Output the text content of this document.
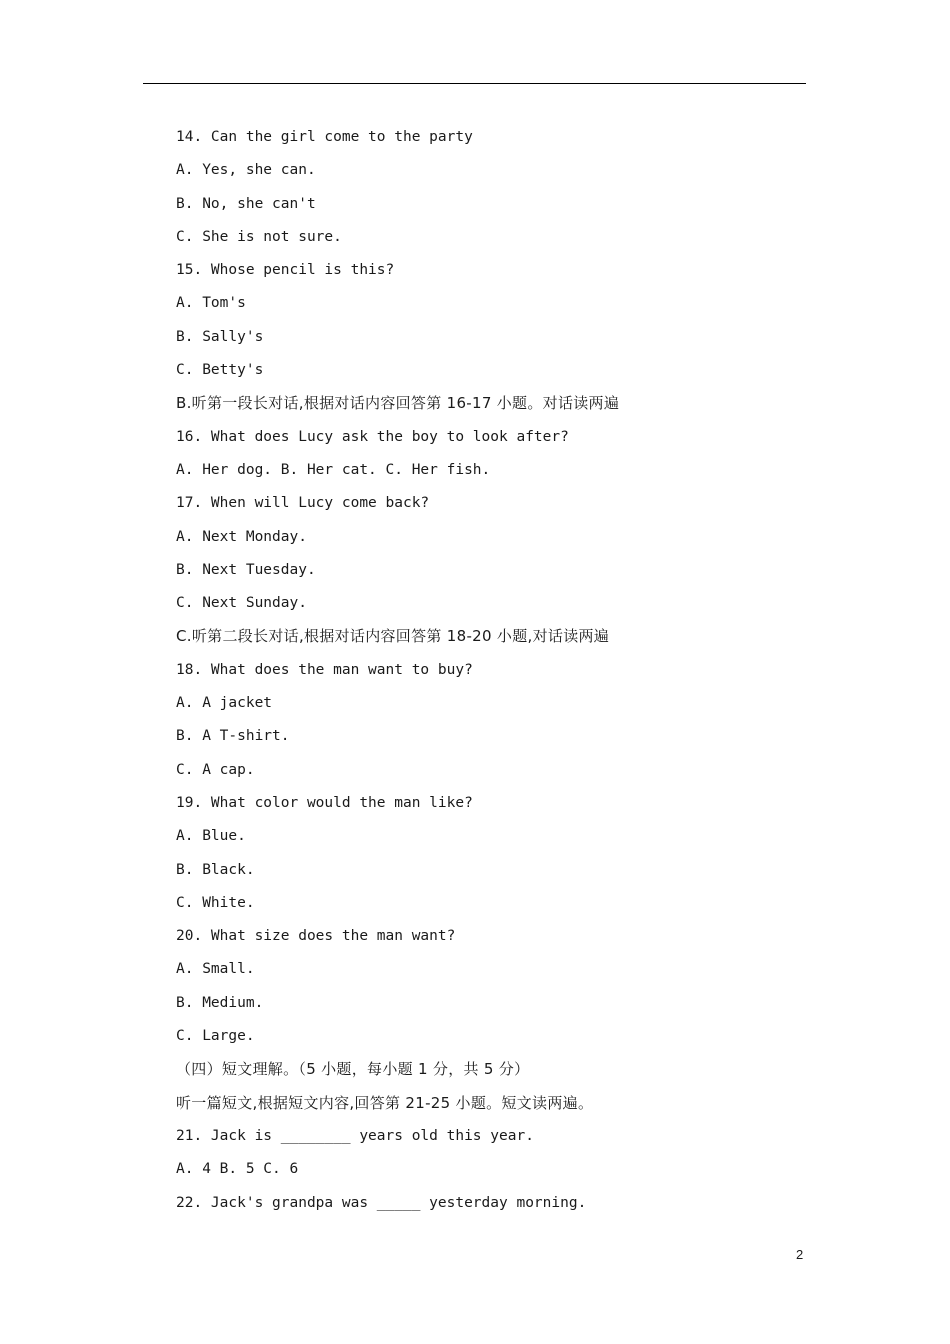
14. Can the girl come to the party
A. Yes, she can.
B. No, she can't
C. She is not sure.
15. Whose pencil is this?
A. Tom's
B. Sally's
C. Betty's
B.听第一段长对话,根据对话内容回答第 16-17 小题。对话读两遍
16. What does Lucy ask the boy to look after?
A. Her dog. B. Her cat. C. Her fish.
17. When will Lucy come back?
A. Next Monday.
B. Next Tuesday.
C. Next Sunday.
C.听第二段长对话,根据对话内容回答第 18-20 小题,对话读两遍
18. What does the man want to buy?
A. A jacket
B. A T-shirt.
C. A cap.
19. What color would the man like?
A. Blue.
B. Black.
C. White.
20. What size does the man want?
A. Small.
B. Medium.
C. Large.
（四）短文理解。（5 小题，每小题 1 分，共 5 分）
听一篇短文,根据短文内容,回答第 21-25 小题。短文读两遍。
21. Jack is ________ years old this year.
A. 4 B. 5 C. 6
22. Jack's grandpa was _____ yesterday morning.
2
